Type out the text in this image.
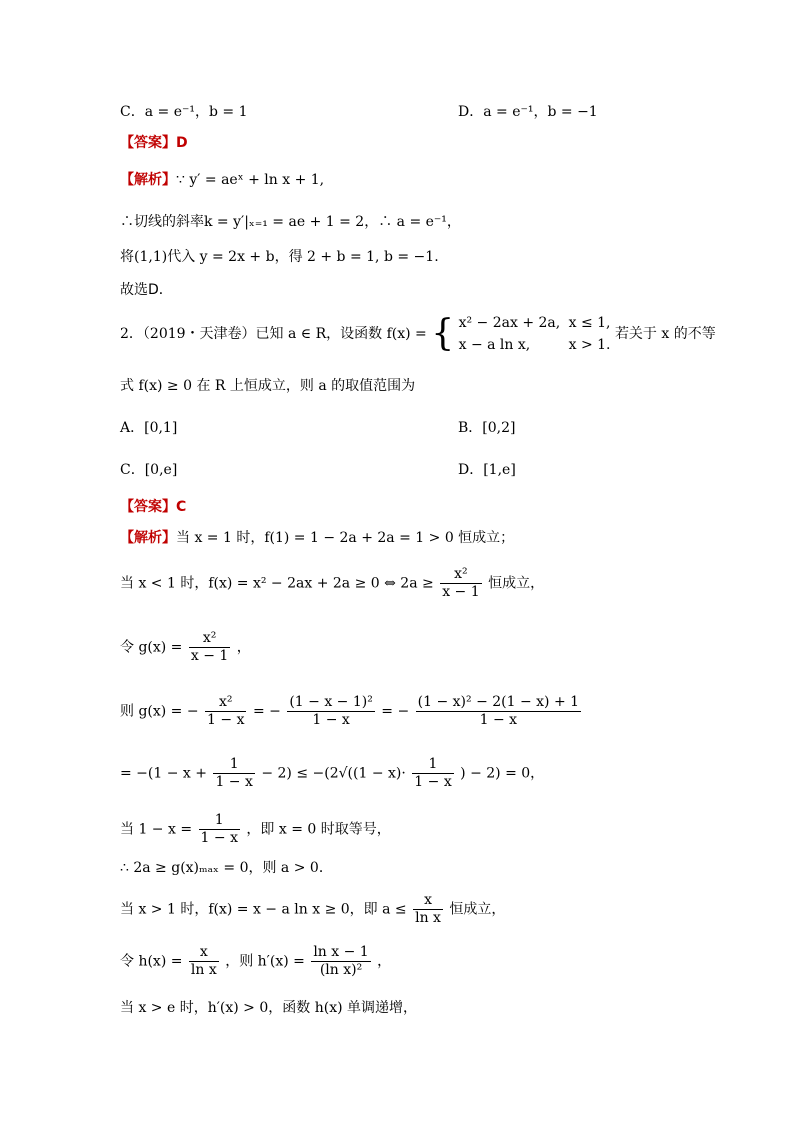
C．a = e⁻¹，b = 1	D．a = e⁻¹，b = −1
【答案】D
【解析】∵ y′ = aeˣ + ln x + 1,
∴切线的斜率k = y′|ₓ₌₁ = ae + 1 = 2，∴ a = e⁻¹，
将(1,1)代入 y = 2x + b，得 2 + b = 1, b = −1.
故选D．
2．（2019・天津卷）已知 a ∈ R，设函数 f(x) = { x² − 2ax + 2a, x ≤ 1,
x − a ln x,	x > 1.
若关于 x 的不等
式 f(x) ≥ 0 在 R 上恒成立，则 a 的取值范围为
A．[0,1]	B．[0,2]
C．[0,e]	D．[1,e]
【答案】C
【解析】当 x = 1 时，f(1) = 1 − 2a + 2a = 1 > 0 恒成立；
当 x < 1 时，f(x) = x² − 2ax + 2a ≥ 0 ⇔ $2a \ge \frac{\text{x²}}{x - 1}$ 恒成立，
令 $g(x) = \frac{\text{x²}}{x - 1}$ ，
则 g(x) = − $\frac{\text{x²}}{1 - x}$ = − $\frac{\text{(1 − x − 1)²}}{1 - x}$ = − $\frac{\text{(1 − x)² − 2(1 − x) + 1}}{1 - x}$
= $-(1 - x + \frac{1}{1 - x} - 2) \le -(2√((1 - x)\cdot \frac{1}{1 - x}$ ) − 2) = 0，
当 $1 - x = \frac{1}{1 - x}$ ，即 x = 0 时取等号，
∴ 2a ≥ g(x)ₘₐₓ = 0，则 a > 0．
当 x > 1 时，f(x) = x − a ln x ≥ 0，即 $a \le \frac{x}{\text{ln x}}$ 恒成立，
令 $h(x) = \frac{x}{\text{ln x}}$ ，则 $h'(x) = \frac{\text{ln x − 1}}{\text{(ln x)²}}$ ，
当 x > e 时，h′(x) > 0，函数 h(x) 单调递增，
